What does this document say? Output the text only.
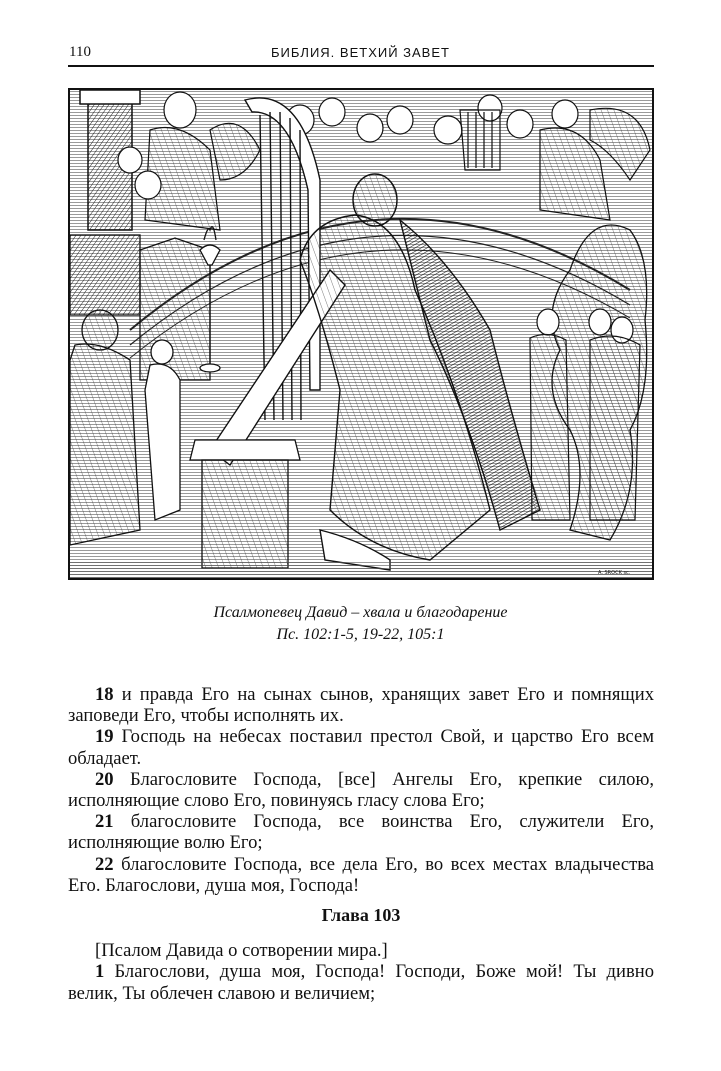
110	БИБЛИЯ. ВЕТХИЙ ЗАВЕТ
A. SROCK sc.
Псалмопевец Давид – хвала и благодарение
Пс. 102:1-5, 19-22, 105:1

18 и правда Его на сынах сынов, хранящих завет Его и помнящих заповеди Его, чтобы исполнять их.

19 Господь на небесах поставил престол Свой, и царство Его всем обладает.

20 Благословите Господа, [все] Ангелы Его, крепкие силою, исполняющие слово Его, повинуясь гласу слова Его;

21 благословите Господа, все воинства Его, служители Его, исполняющие волю Его;

22 благословите Господа, все дела Его, во всех местах владычества Его. Благослови, душа моя, Господа!

Глава 103

[Псалом Давида о сотворении мира.]

1 Благослови, душа моя, Господа! Господи, Боже мой! Ты дивно велик, Ты облечен славою и величием;
